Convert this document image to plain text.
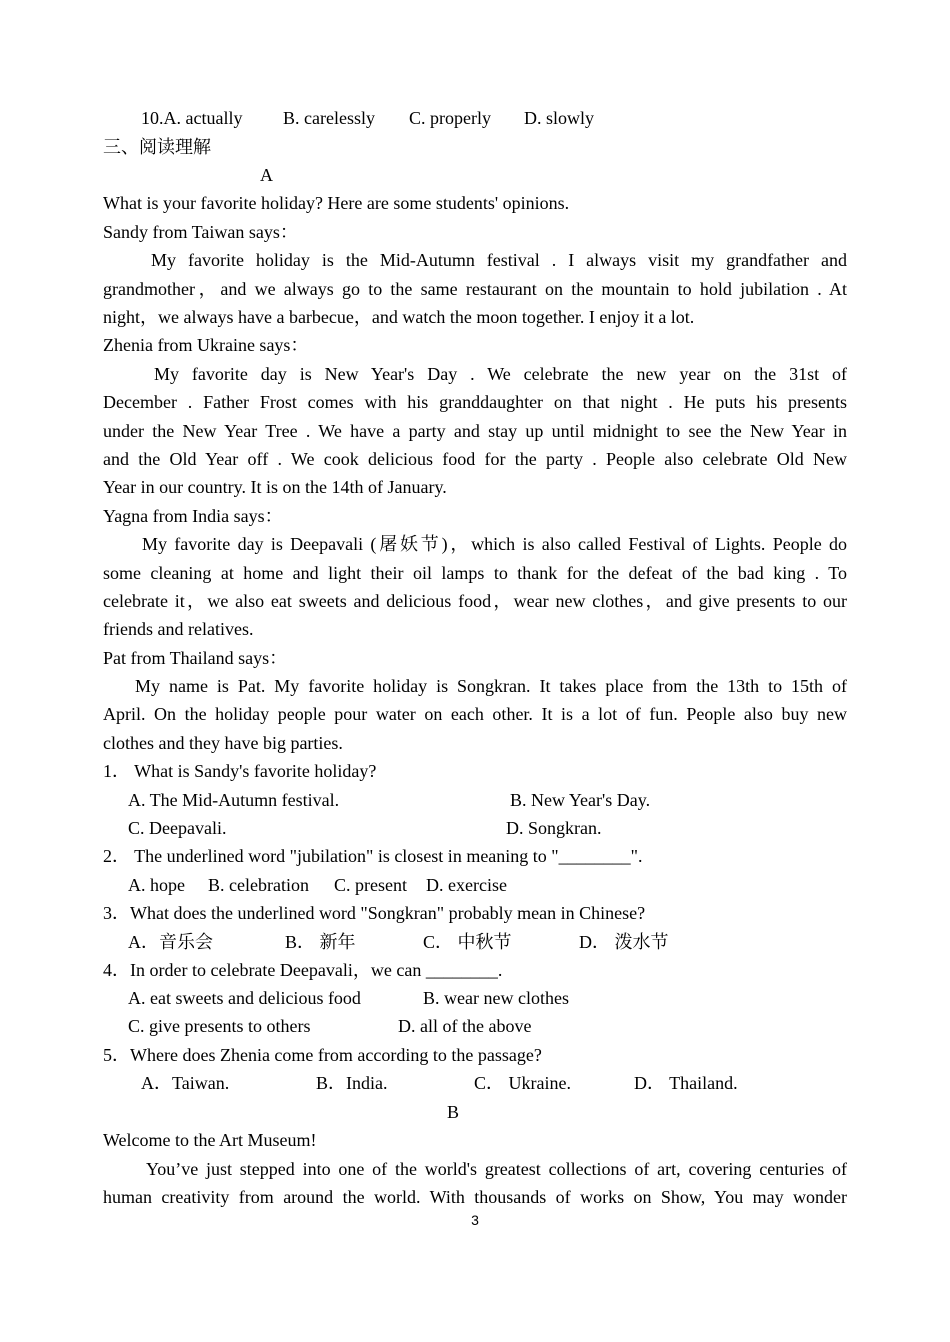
10.A. actually B. carelessly C. properly D. slowly
三、阅读理解
A
What is your favorite holiday? Here are some students' opinions.
Sandy from Taiwan says：
My favorite holiday is the Mid-Autumn festival . I always visit my grandfather and
grandmother，and we always go to the same restaurant on the mountain to hold jubilation . At
night，we always have a barbecue，and watch the moon together. I enjoy it a lot.
Zhenia from Ukraine says：
My favorite day is New Year's Day . We celebrate the new year on the 31st of
December . Father Frost comes with his granddaughter on that night . He puts his presents
under the New Year Tree . We have a party and stay up until midnight to see the New Year in
and the Old Year off . We cook delicious food for the party . People also celebrate Old New
Year in our country. It is on the 14th of January.
Yagna from India says：
My favorite day is Deepavali (屠妖节)，which is also called Festival of Lights. People do
some cleaning at home and light their oil lamps to thank for the defeat of the bad king . To
celebrate it，we also eat sweets and delicious food，wear new clothes，and give presents to our
friends and relatives.
Pat from Thailand says：
My name is Pat. My favorite holiday is Songkran. It takes place from the 13th to 15th of
April. On the holiday people pour water on each other. It is a lot of fun. People also buy new
clothes and they have big parties.
1． What is Sandy's favorite holiday?
A. The Mid-Autumn festival.	B. New Year's Day.
C. Deepavali.	D. Songkran.
2． The underlined word "jubilation" is closest in meaning to "________".
A. hope B. celebration C. present D. exercise
3．What does the underlined word "Songkran" probably mean in Chinese?
A．音乐会	B． 新年	C． 中秋节	D． 泼水节
4．In order to celebrate Deepavali，we can ________.
A. eat sweets and delicious food	B. wear new clothes
C. give presents to others	D. all of the above
5．Where does Zhenia come from according to the passage?
A．Taiwan.	B．India.	C． Ukraine.	D． Thailand.
B
Welcome to the Art Museum!
You’ve just stepped into one of the world's greatest collections of art, covering centuries of
human creativity from around the world. With thousands of works on Show, You may wonder
3
